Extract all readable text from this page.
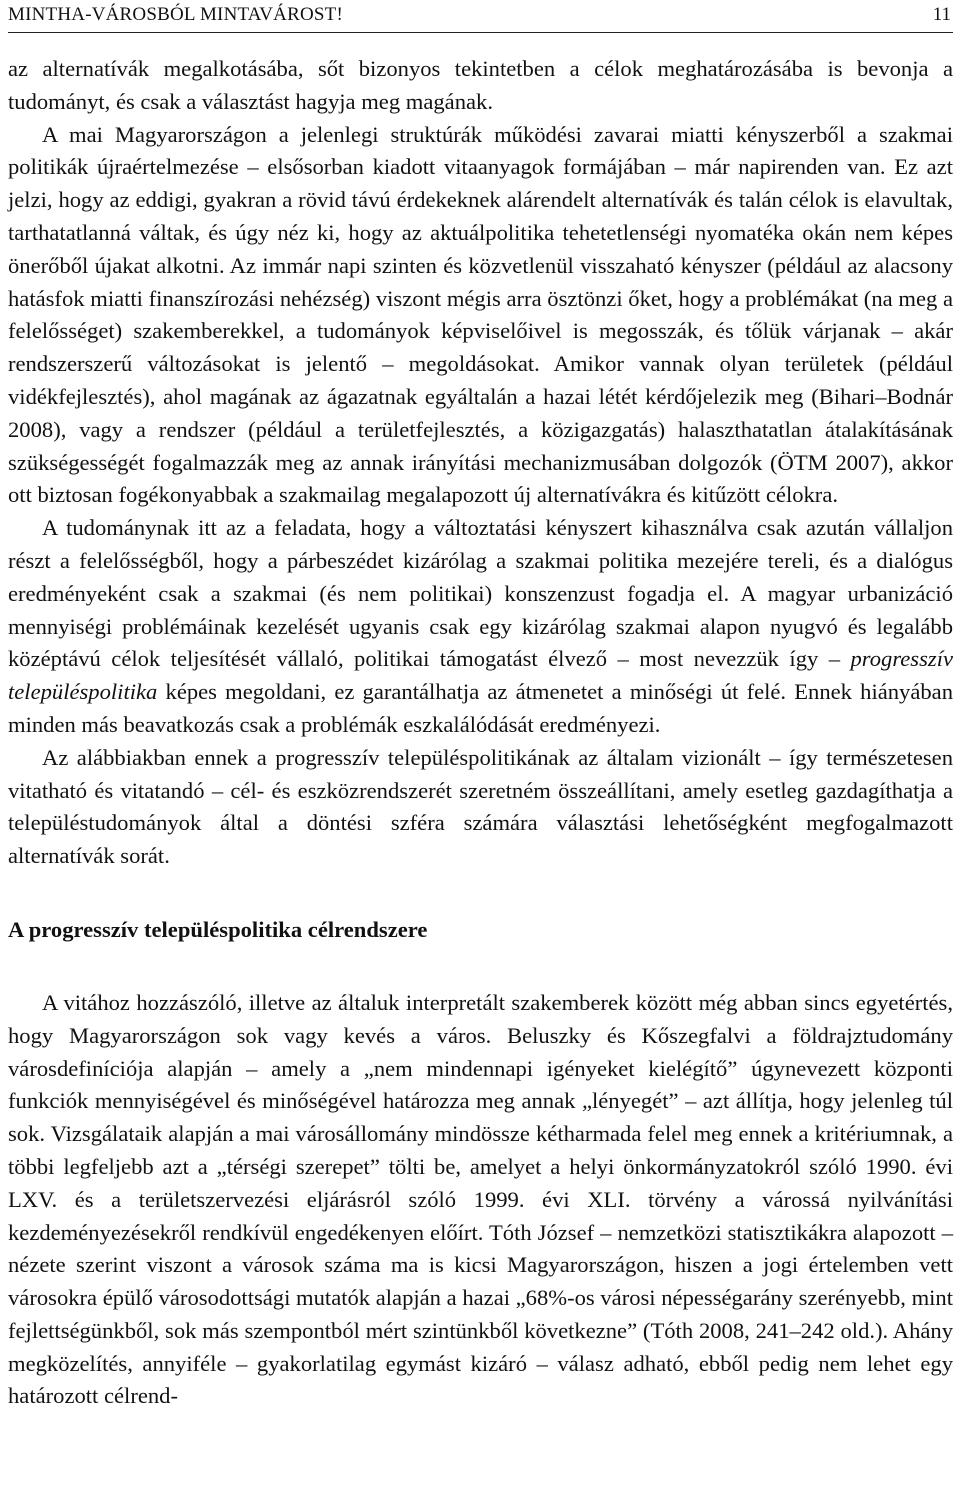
MINTHA-VÁROSBÓL MINTAVÁROST!	11

az alternatívák megalkotásába, sőt bizonyos tekintetben a célok meghatározásába is bevonja a tudományt, és csak a választást hagyja meg magának.

A mai Magyarországon a jelenlegi struktúrák működési zavarai miatti kényszerből a szakmai politikák újraértelmezése – elsősorban kiadott vitaanyagok formájában – már napirenden van. Ez azt jelzi, hogy az eddigi, gyakran a rövid távú érdekeknek alárendelt alternatívák és talán célok is elavultak, tarthatatlanná váltak, és úgy néz ki, hogy az aktuálpolitika tehetetlenségi nyomatéka okán nem képes önerőből újakat alkotni. Az immár napi szinten és közvetlenül visszaható kényszer (például az alacsony hatásfok miatti finanszírozási nehézség) viszont mégis arra ösztönzi őket, hogy a problémákat (na meg a felelősséget) szakemberekkel, a tudományok képviselőivel is megosszák, és tőlük várjanak – akár rendszerszerű változásokat is jelentő – megoldásokat. Amikor vannak olyan területek (például vidékfejlesztés), ahol magának az ágazatnak egyáltalán a hazai létét kérdőjelezik meg (Bihari–Bodnár 2008), vagy a rendszer (például a területfejlesztés, a közigazgatás) halaszthatatlan átalakításának szükségességét fogalmazzák meg az annak irányítási mechanizmusában dolgozók (ÖTM 2007), akkor ott biztosan fogékonyabbak a szakmailag megalapozott új alternatívákra és kitűzött célokra.

A tudománynak itt az a feladata, hogy a változtatási kényszert kihasználva csak azután vállaljon részt a felelősségből, hogy a párbeszédet kizárólag a szakmai politika mezejére tereli, és a dialógus eredményeként csak a szakmai (és nem politikai) konszenzust fogadja el. A magyar urbanizáció mennyiségi problémáinak kezelését ugyanis csak egy kizárólag szakmai alapon nyugvó és legalább középtávú célok teljesítését vállaló, politikai támogatást élvező – most nevezzük így – progresszív településpolitika képes megoldani, ez garantálhatja az átmenetet a minőségi út felé. Ennek hiányában minden más beavatkozás csak a problémák eszkalálódását eredményezi.

Az alábbiakban ennek a progresszív településpolitikának az általam vizionált – így természetesen vitatható és vitatandó – cél- és eszközrendszerét szeretném összeállítani, amely esetleg gazdagíthatja a településtudományok által a döntési szféra számára választási lehetőségként megfogalmazott alternatívák sorát.

A progresszív településpolitika célrendszere

A vitához hozzászóló, illetve az általuk interpretált szakemberek között még abban sincs egyetértés, hogy Magyarországon sok vagy kevés a város. Beluszky és Kőszegfalvi a földrajztudomány városdefiníciója alapján – amely a „nem mindennapi igényeket kielégítő” úgynevezett központi funkciók mennyiségével és minőségével határozza meg annak „lényegét” – azt állítja, hogy jelenleg túl sok. Vizsgálataik alapján a mai városállomány mindössze kétharmada felel meg ennek a kritériumnak, a többi legfeljebb azt a „térségi szerepet” tölti be, amelyet a helyi önkormányzatokról szóló 1990. évi LXV. és a területszervezési eljárásról szóló 1999. évi XLI. törvény a várossá nyilvánítási kezdeményezésekről rendkívül engedékenyen előírt. Tóth József – nemzetközi statisztikákra alapozott – nézete szerint viszont a városok száma ma is kicsi Magyarországon, hiszen a jogi értelemben vett városokra épülő városodottsági mutatók alapján a hazai „68%-os városi népességarány szerényebb, mint fejlettségünkből, sok más szempontból mért szintünkből következne” (Tóth 2008, 241–242 old.). Ahány megközelítés, annyiféle – gyakorlatilag egymást kizáró – válasz adható, ebből pedig nem lehet egy határozott célrend-
